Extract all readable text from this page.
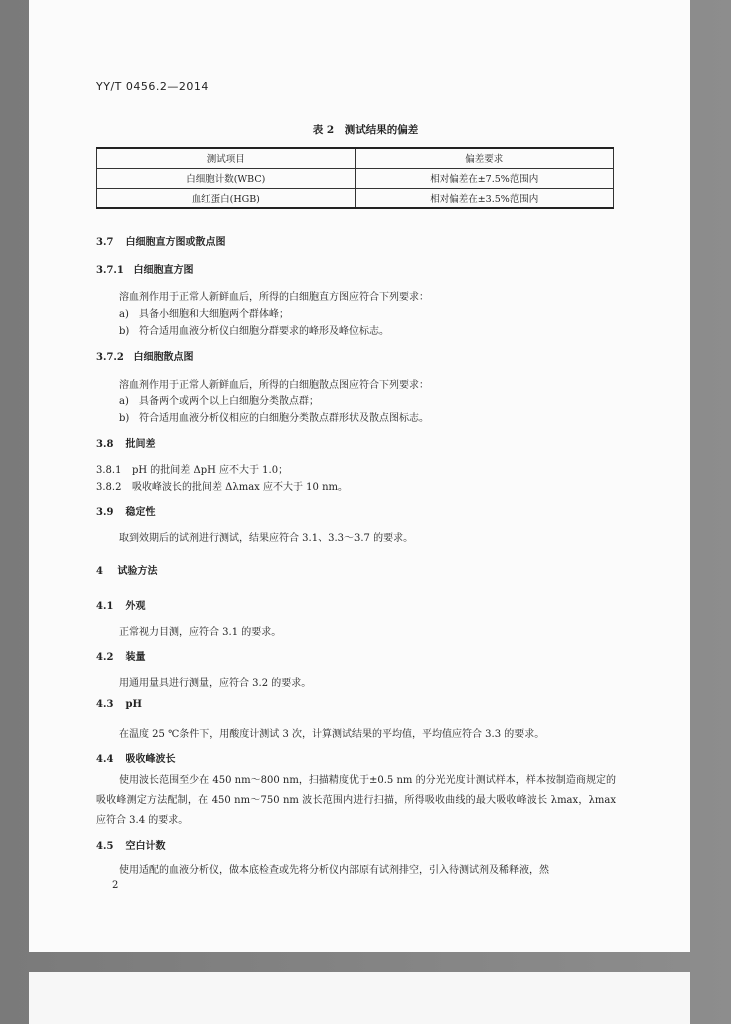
YY/T 0456.2—2014
表 2　测试结果的偏差
测试项目	偏差要求
白细胞计数(WBC)	相对偏差在±7.5%范围内
血红蛋白(HGB)	相对偏差在±3.5%范围内
3.7 白细胞直方图或散点图
3.7.1 白细胞直方图
溶血剂作用于正常人新鲜血后，所得的白细胞直方图应符合下列要求：
a) 具备小细胞和大细胞两个群体峰；
b) 符合适用血液分析仪白细胞分群要求的峰形及峰位标志。
3.7.2 白细胞散点图
溶血剂作用于正常人新鲜血后，所得的白细胞散点图应符合下列要求：
a) 具备两个或两个以上白细胞分类散点群；
b) 符合适用血液分析仪相应的白细胞分类散点群形状及散点图标志。
3.8 批间差
3.8.1 pH 的批间差 ΔpH 应不大于 1.0；
3.8.2 吸收峰波长的批间差 Δλmax 应不大于 10 nm。
3.9 稳定性
取到效期后的试剂进行测试，结果应符合 3.1、3.3～3.7 的要求。
4 试验方法
4.1 外观
正常视力目测，应符合 3.1 的要求。
4.2 装量
用通用量具进行测量，应符合 3.2 的要求。
4.3 pH
在温度 25 ℃条件下，用酸度计测试 3 次，计算测试结果的平均值，平均值应符合 3.3 的要求。
4.4 吸收峰波长
使用波长范围至少在 450 nm～800 nm，扫描精度优于±0.5 nm 的分光光度计测试样本，样本按制造商规定的吸收峰测定方法配制，在 450 nm～750 nm 波长范围内进行扫描，所得吸收曲线的最大吸收峰波长 λmax，λmax应符合 3.4 的要求。
4.5 空白计数
使用适配的血液分析仪，做本底检查或先将分析仪内部原有试剂排空，引入待测试剂及稀释液，然
2
